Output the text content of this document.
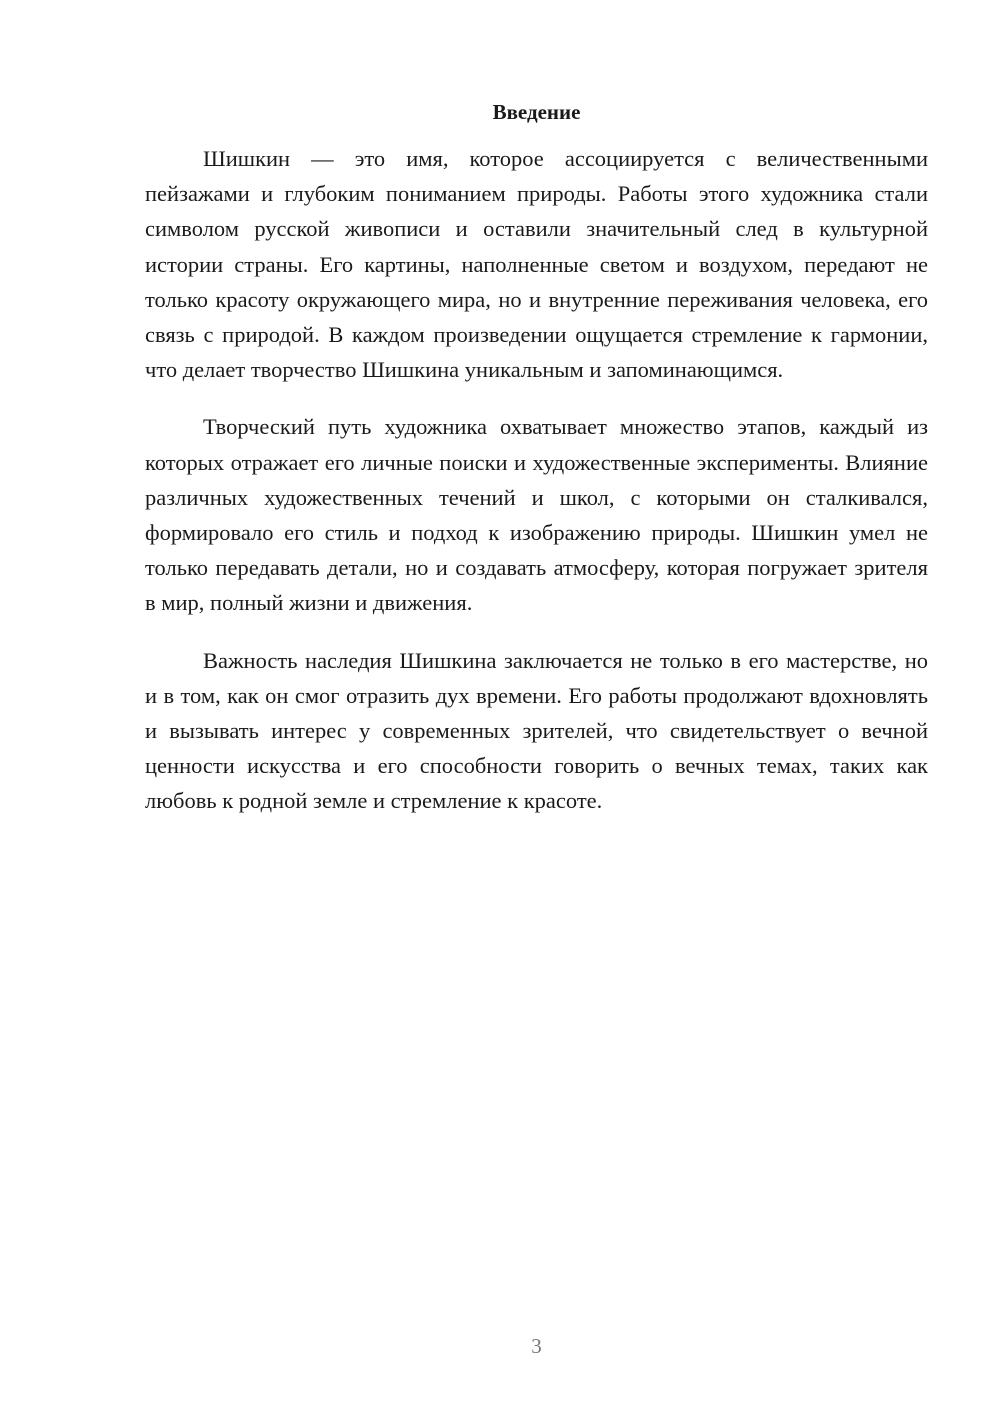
Введение

Шишкин — это имя, которое ассоциируется с величественными пейзажами и глубоким пониманием природы. Работы этого художника стали символом русской живописи и оставили значительный след в культурной истории страны. Его картины, наполненные светом и воздухом, передают не только красоту окружающего мира, но и внутренние переживания человека, его связь с природой. В каждом произведении ощущается стремление к гармонии, что делает творчество Шишкина уникальным и запоминающимся.

Творческий путь художника охватывает множество этапов, каждый из которых отражает его личные поиски и художественные эксперименты. Влияние различных художественных течений и школ, с которыми он сталкивался, формировало его стиль и подход к изображению природы. Шишкин умел не только передавать детали, но и создавать атмосферу, которая погружает зрителя в мир, полный жизни и движения.

Важность наследия Шишкина заключается не только в его мастерстве, но и в том, как он смог отразить дух времени. Его работы продолжают вдохновлять и вызывать интерес у современных зрителей, что свидетельствует о вечной ценности искусства и его способности говорить о вечных темах, таких как любовь к родной земле и стремление к красоте.

3
